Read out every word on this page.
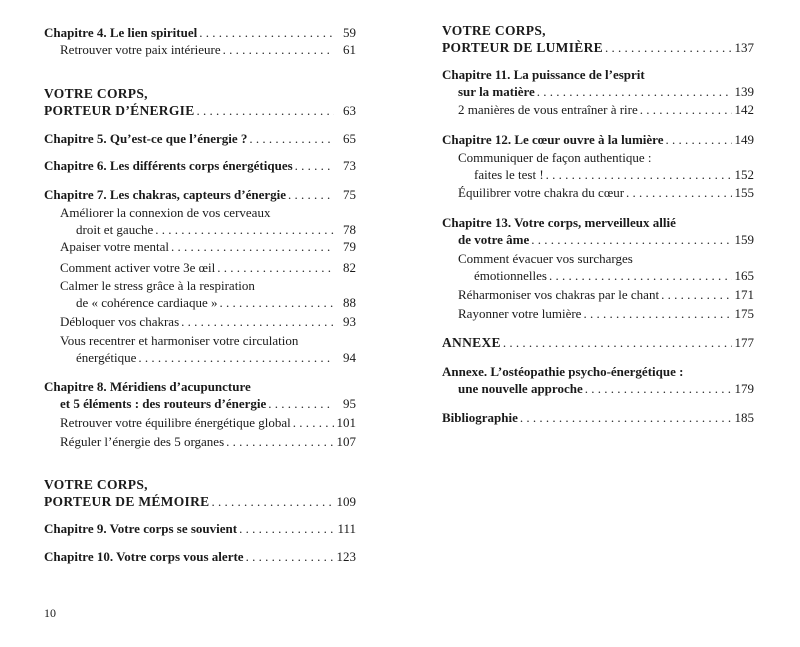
Chapitre 4. Le lien spirituel . . .	59
Retrouver votre paix intérieure . . .	61
VOTRE CORPS,
PORTEUR D’ÉNERGIE . . .	63
Chapitre 5. Qu’est-ce que l’énergie ? . . .	65
Chapitre 6. Les différents corps énergétiques . . .	73
Chapitre 7. Les chakras, capteurs d’énergie . . .	75
Améliorer la connexion de vos cerveaux
droit et gauche . . .	78
Apaiser votre mental . . .	79
Comment activer votre 3e œil . . .	82
Calmer le stress grâce à la respiration
de « cohérence cardiaque » . . .	88
Débloquer vos chakras . . .	93
Vous recentrer et harmoniser votre circulation
énergétique . . .	94
Chapitre 8. Méridiens d’acupuncture
et 5 éléments : des routeurs d’énergie . . .	95
Retrouver votre équilibre énergétique global . . .	101
Réguler l’énergie des 5 organes . . .	107
VOTRE CORPS,
PORTEUR DE MÉMOIRE . . .	109
Chapitre 9. Votre corps se souvient . . .	111
Chapitre 10. Votre corps vous alerte . . .	123
VOTRE CORPS,
PORTEUR DE LUMIÈRE . . .	137
Chapitre 11. La puissance de l’esprit
sur la matière . . .	139
2 manières de vous entraîner à rire . . .	142
Chapitre 12. Le cœur ouvre à la lumière . . .	149
Communiquer de façon authentique :
faites le test ! . . .	152
Équilibrer votre chakra du cœur . . .	155
Chapitre 13. Votre corps, merveilleux allié
de votre âme . . .	159
Comment évacuer vos surcharges
émotionnelles . . .	165
Réharmoniser vos chakras par le chant . . .	171
Rayonner votre lumière . . .	175
ANNEXE . . .	177
Annexe. L’ostéopathie psycho-énergétique :
une nouvelle approche . . .	179
Bibliographie . . .	185
10
